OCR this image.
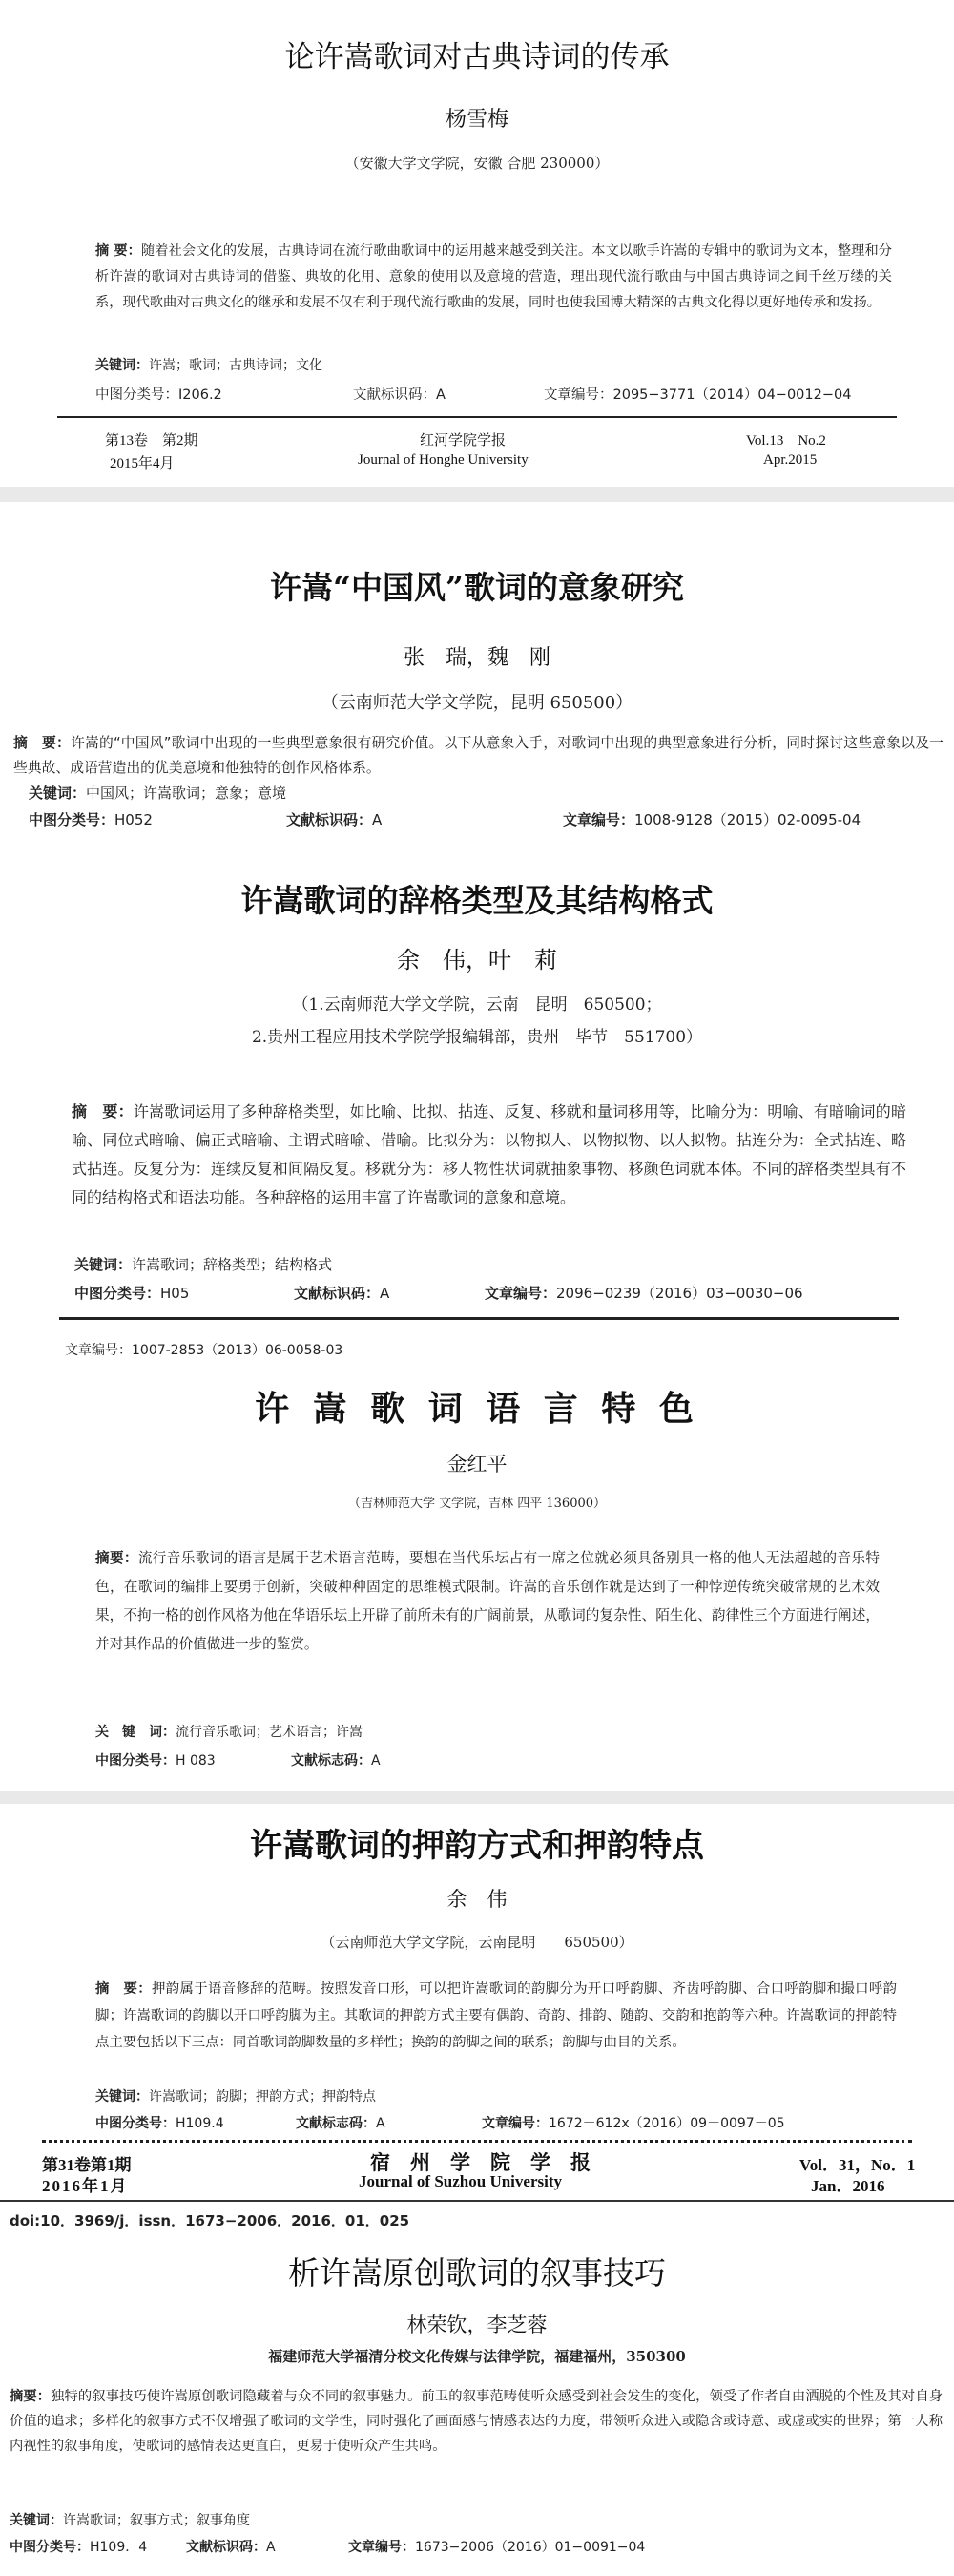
论许嵩歌词对古典诗词的传承
杨雪梅
（安徽大学文学院，安徽 合肥 230000）
摘 要：随着社会文化的发展，古典诗词在流行歌曲歌词中的运用越来越受到关注。本文以歌手许嵩的专辑中的歌词为文本，整理和分析许嵩的歌词对古典诗词的借鉴、典故的化用、意象的使用以及意境的营造，理出现代流行歌曲与中国古典诗词之间千丝万缕的关系，现代歌曲对古典文化的继承和发展不仅有利于现代流行歌曲的发展，同时也使我国博大精深的古典文化得以更好地传承和发扬。
关键词：许嵩；歌词；古典诗词；文化
中图分类号：I206.2	文献标识码：A	文章编号：2095−3771（2014）04−0012−04
第13卷　第2期	红河学院学报	Vol.13　No.2
2015年4月	Journal of Honghe University	Apr.2015
许嵩“中国风”歌词的意象研究
张　瑞，魏　刚
（云南师范大学文学院，昆明 650500）
摘　要：许嵩的“中国风”歌词中出现的一些典型意象很有研究价值。以下从意象入手，对歌词中出现的典型意象进行分析，同时探讨这些意象以及一些典故、成语营造出的优美意境和他独特的创作风格体系。
关键词：中国风；许嵩歌词；意象；意境
中图分类号：H052	文献标识码：A	文章编号：1008-9128（2015）02-0095-04
许嵩歌词的辞格类型及其结构格式
余　伟，叶　莉
（1.云南师范大学文学院，云南　昆明　650500；
2.贵州工程应用技术学院学报编辑部，贵州　毕节　551700）
摘　要：许嵩歌词运用了多种辞格类型，如比喻、比拟、拈连、反复、移就和量词移用等，比喻分为：明喻、有暗喻词的暗喻、同位式暗喻、偏正式暗喻、主谓式暗喻、借喻。比拟分为：以物拟人、以物拟物、以人拟物。拈连分为：全式拈连、略式拈连。反复分为：连续反复和间隔反复。移就分为：移人物性状词就抽象事物、移颜色词就本体。不同的辞格类型具有不同的结构格式和语法功能。各种辞格的运用丰富了许嵩歌词的意象和意境。
关键词：许嵩歌词；辞格类型；结构格式
中图分类号：H05	文献标识码：A	文章编号：2096−0239（2016）03−0030−06
文章编号：1007-2853（2013）06-0058-03
许 嵩 歌 词 语 言 特 色
金红平
（吉林师范大学 文学院，吉林 四平 136000）
摘要：流行音乐歌词的语言是属于艺术语言范畴，要想在当代乐坛占有一席之位就必须具备别具一格的他人无法超越的音乐特色，在歌词的编排上要勇于创新，突破种种固定的思维模式限制。许嵩的音乐创作就是达到了一种悖逆传统突破常规的艺术效果，不拘一格的创作风格为他在华语乐坛上开辟了前所未有的广阔前景，从歌词的复杂性、陌生化、韵律性三个方面进行阐述，并对其作品的价值做进一步的鉴赏。
关　键　词：流行音乐歌词；艺术语言；许嵩
中图分类号：H 083	文献标志码：A
许嵩歌词的押韵方式和押韵特点
余　伟
（云南师范大学文学院，云南昆明　　650500）
摘　要：押韵属于语音修辞的范畴。按照发音口形，可以把许嵩歌词的韵脚分为开口呼韵脚、齐齿呼韵脚、合口呼韵脚和撮口呼韵脚；许嵩歌词的韵脚以开口呼韵脚为主。其歌词的押韵方式主要有偶韵、奇韵、排韵、随韵、交韵和抱韵等六种。许嵩歌词的押韵特点主要包括以下三点：同首歌词韵脚数量的多样性；换韵的韵脚之间的联系；韵脚与曲目的关系。
关键词：许嵩歌词；韵脚；押韵方式；押韵特点
中图分类号：H109.4	文献标志码：A	文章编号：1672－612x（2016）09－0097－05
第31卷第1期	宿　州　学　院　学　报	Vol．31，No．1
2016年1月	Journal of Suzhou University	Jan．2016
doi:10．3969/j．issn．1673−2006．2016．01．025
析许嵩原创歌词的叙事技巧
林荣钦，李芝蓉
福建师范大学福清分校文化传媒与法律学院，福建福州，350300
摘要：独特的叙事技巧使许嵩原创歌词隐藏着与众不同的叙事魅力。前卫的叙事范畴使听众感受到社会发生的变化，领受了作者自由洒脱的个性及其对自身价值的追求；多样化的叙事方式不仅增强了歌词的文学性，同时强化了画面感与情感表达的力度，带领听众进入或隐含或诗意、或虚或实的世界；第一人称内视性的叙事角度，使歌词的感情表达更直白，更易于使听众产生共鸣。
关键词：许嵩歌词；叙事方式；叙事角度
中图分类号：H109．4	文献标识码：A	文章编号：1673−2006（2016）01−0091−04
